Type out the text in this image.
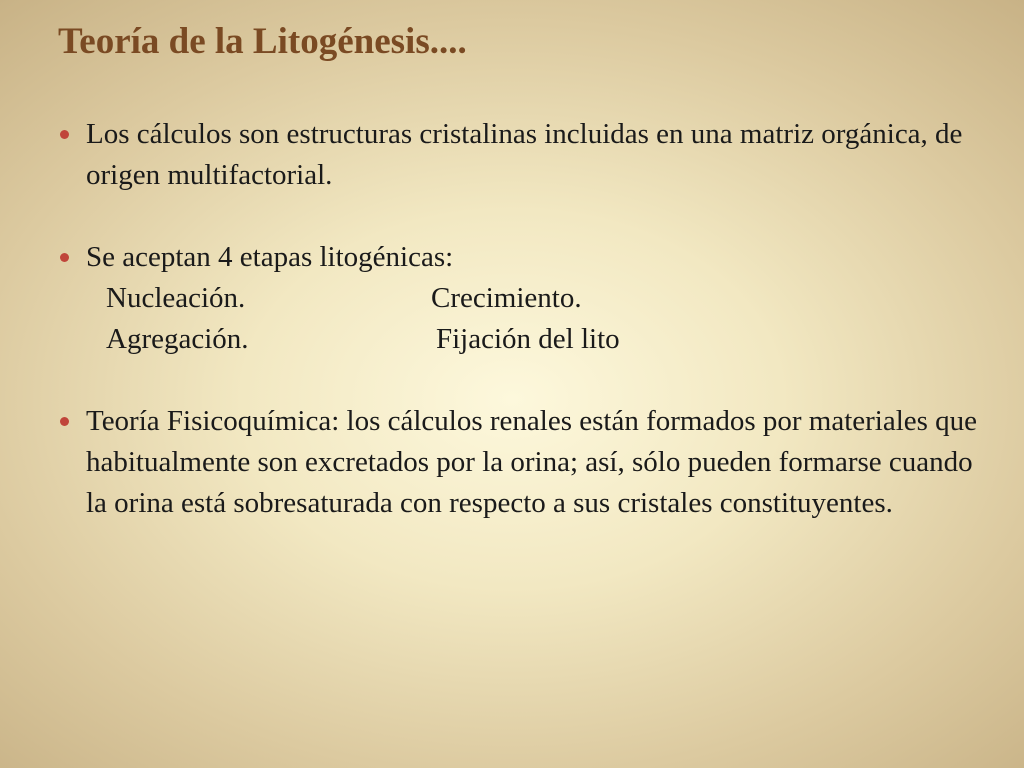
Teoría de la Litogénesis....
Los cálculos son estructuras cristalinas incluidas en una matriz orgánica, de origen multifactorial.
Se aceptan 4 etapas litogénicas:
Nucleación.	Crecimiento.
Agregación.	Fijación del lito
Teoría Fisicoquímica: los cálculos renales están formados por materiales que habitualmente son excretados por la orina; así, sólo pueden formarse cuando la orina está sobresaturada con respecto a sus cristales constituyentes.
